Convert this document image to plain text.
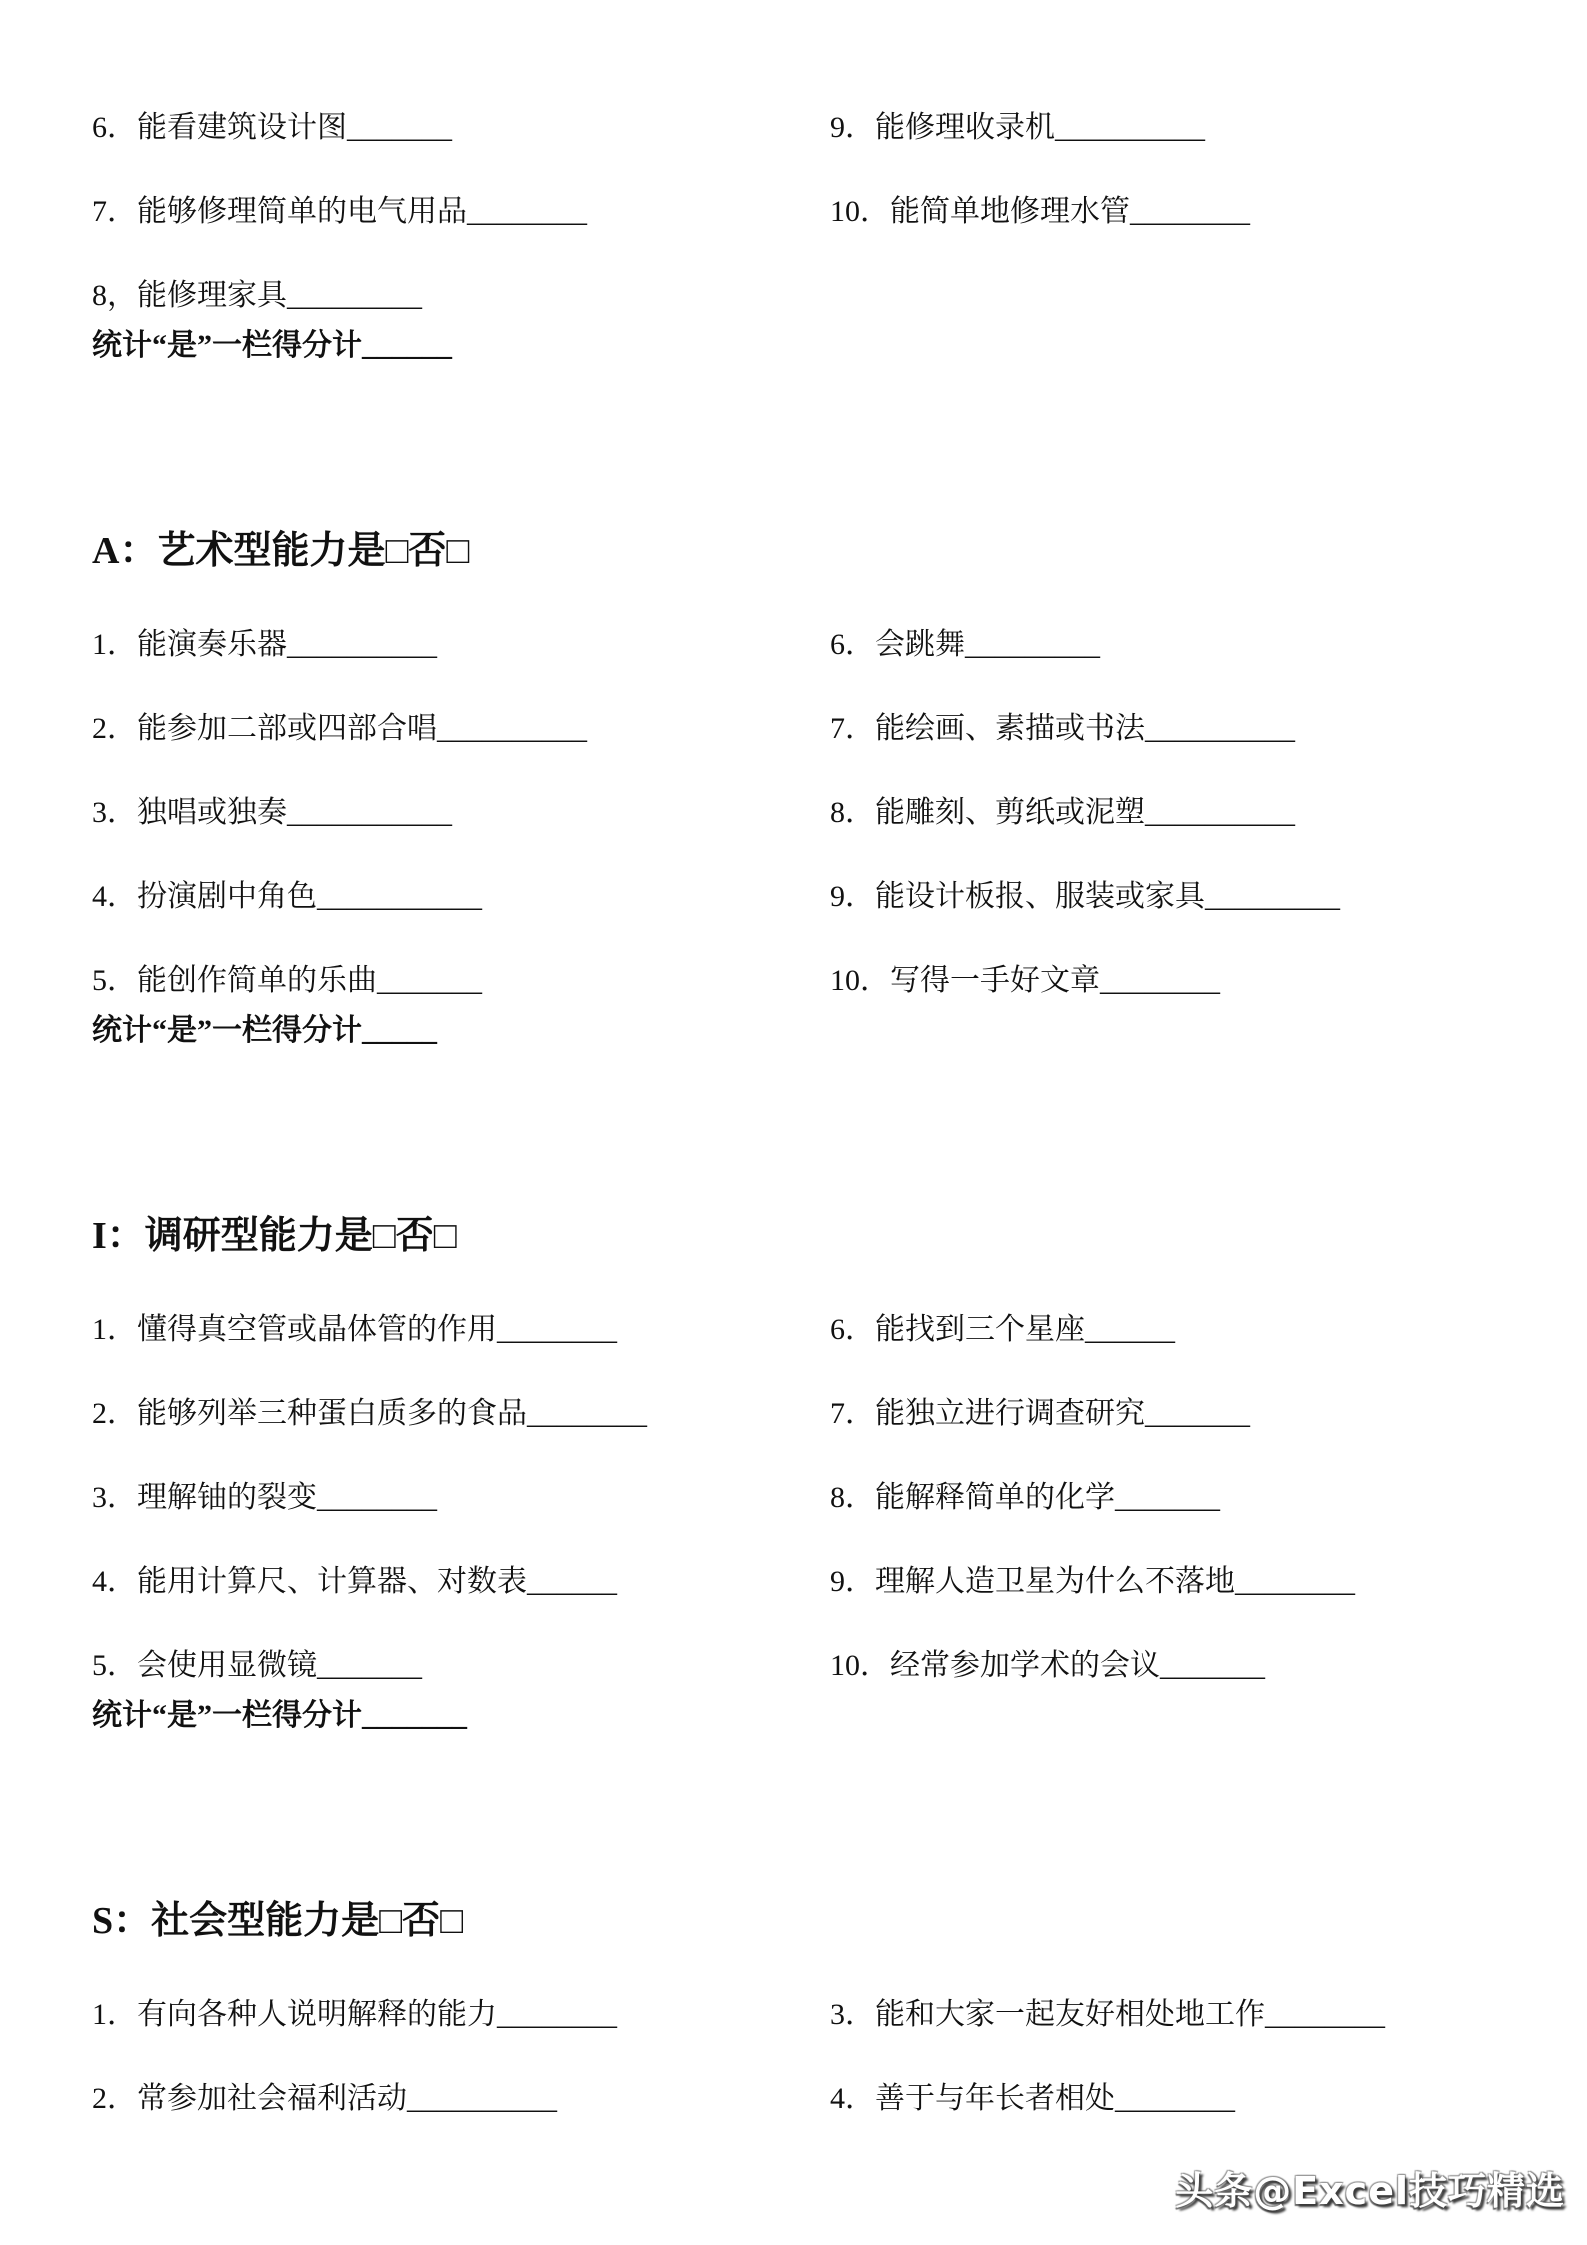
6．能看建筑设计图_______	9．能修理收录机__________
7．能够修理简单的电气用品________	10．能简单地修理水管________
8，能修理家具_________
统计“是”一栏得分计______
A：艺术型能力是□否□
1．能演奏乐器__________	6．会跳舞_________
2．能参加二部或四部合唱__________	7．能绘画、素描或书法__________
3．独唱或独奏___________	8．能雕刻、剪纸或泥塑__________
4．扮演剧中角色___________	9．能设计板报、服装或家具_________
5．能创作简单的乐曲_______	10．写得一手好文章________
统计“是”一栏得分计_____
I：调研型能力是□否□
1．懂得真空管或晶体管的作用________	6．能找到三个星座______
2．能够列举三种蛋白质多的食品________	7．能独立进行调查研究_______
3．理解铀的裂变________	8．能解释简单的化学_______
4．能用计算尺、计算器、对数表______	9．理解人造卫星为什么不落地________
5．会使用显微镜_______	10．经常参加学术的会议_______
统计“是”一栏得分计_______
S：社会型能力是□否□
1．有向各种人说明解释的能力________	3．能和大家一起友好相处地工作________
2．常参加社会福利活动__________	4．善于与年长者相处________
头条@Excel技巧精选
